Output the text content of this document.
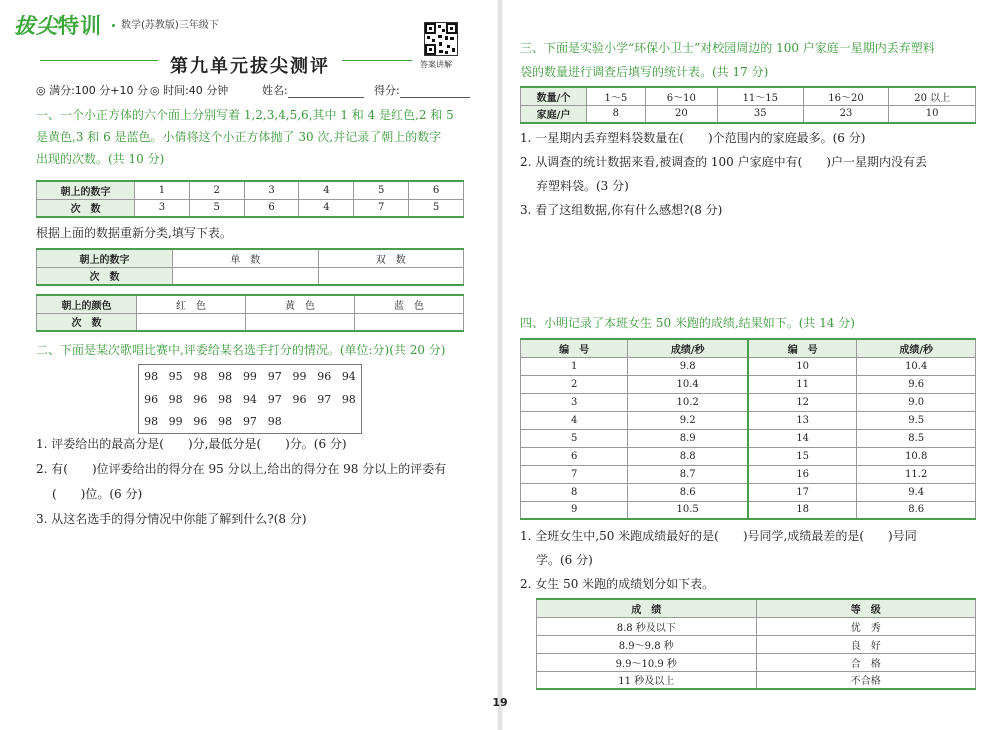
拔尖特训	数学(苏教版)三年级下
答案讲解
第九单元拔尖测评
◎ 满分:100 分+10 分 ◎ 时间:40 分钟	姓名:	得分:
一、一个小正方体的六个面上分别写着 1,2,3,4,5,6,其中 1 和 4 是红色,2 和 5
是黄色,3 和 6 是蓝色。小倩将这个小正方体抛了 30 次,并记录了朝上的数字
出现的次数。(共 10 分)
朝上的数字	1	2	3	4	5	6
次　数	3	5	6	4	7	5
根据上面的数据重新分类,填写下表。
朝上的数字	单　数	双　数
次　数		
朝上的颜色	红　色	黄　色	蓝　色
次　数			
二、下面是某次歌唱比赛中,评委给某名选手打分的情况。(单位:分)(共 20 分)
98	95	98	98	99	97	99	96	94
96	98	96	98	94	97	96	97	98
98	99	96	98	97	98			
1. 评委给出的最高分是(　　)分,最低分是(　　)分。(6 分)
2. 有(　　)位评委给出的得分在 95 分以上,给出的得分在 98 分以上的评委有
(　　)位。(6 分)
3. 从这名选手的得分情况中你能了解到什么?(8 分)
三、下面是实验小学“环保小卫士”对校园周边的 100 户家庭一星期内丢弃塑料
袋的数量进行调查后填写的统计表。(共 17 分)
数量/个	1～5	6～10	11～15	16～20	20 以上
家庭/户	8	20	35	23	10
1. 一星期内丢弃塑料袋数量在(　　)个范围内的家庭最多。(6 分)
2. 从调查的统计数据来看,被调查的 100 户家庭中有(　　)户一星期内没有丢
弃塑料袋。(3 分)
3. 看了这组数据,你有什么感想?(8 分)
四、小明记录了本班女生 50 米跑的成绩,结果如下。(共 14 分)
编　号	成绩/秒	编　号	成绩/秒
1	9.8	10	10.4
2	10.4	11	9.6
3	10.2	12	9.0
4	9.2	13	9.5
5	8.9	14	8.5
6	8.8	15	10.8
7	8.7	16	11.2
8	8.6	17	9.4
9	10.5	18	8.6
1. 全班女生中,50 米跑成绩最好的是(　　)号同学,成绩最差的是(　　)号同
学。(6 分)
2. 女生 50 米跑的成绩划分如下表。
成　绩	等　级
8.8 秒及以下	优　秀
8.9～9.8 秒	良　好
9.9～10.9 秒	合　格
11 秒及以上	不合格
19
